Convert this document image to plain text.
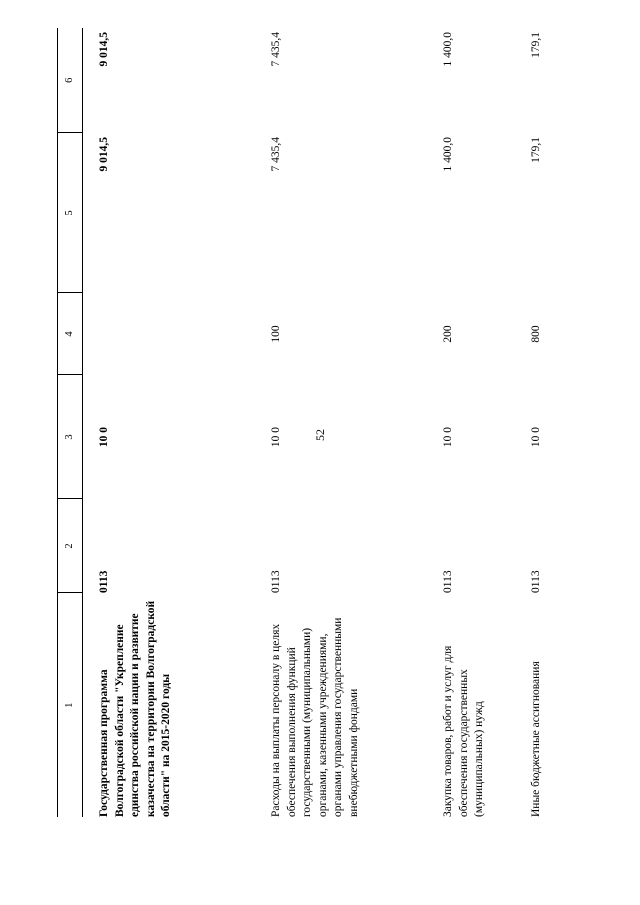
52
1	2	3	4	5	6
Государственная программа Волгоградской области "Укрепление единства российской нации и развитие казачества на территории Волгоградской области" на 2015-2020 годы	0113	10 0		9 014,5	9 014,5
Расходы на выплаты персоналу в целях обеспечения выполнения функций государственными (муниципальными) органами, казенными учреждениями, органами управления государственными внебюджетными фондами	0113	10 0	100	7 435,4	7 435,4
Закупка товаров, работ и услуг для обеспечения государственных (муниципальных) нужд	0113	10 0	200	1 400,0	1 400,0
Иные бюджетные ассигнования	0113	10 0	800	179,1	179,1
